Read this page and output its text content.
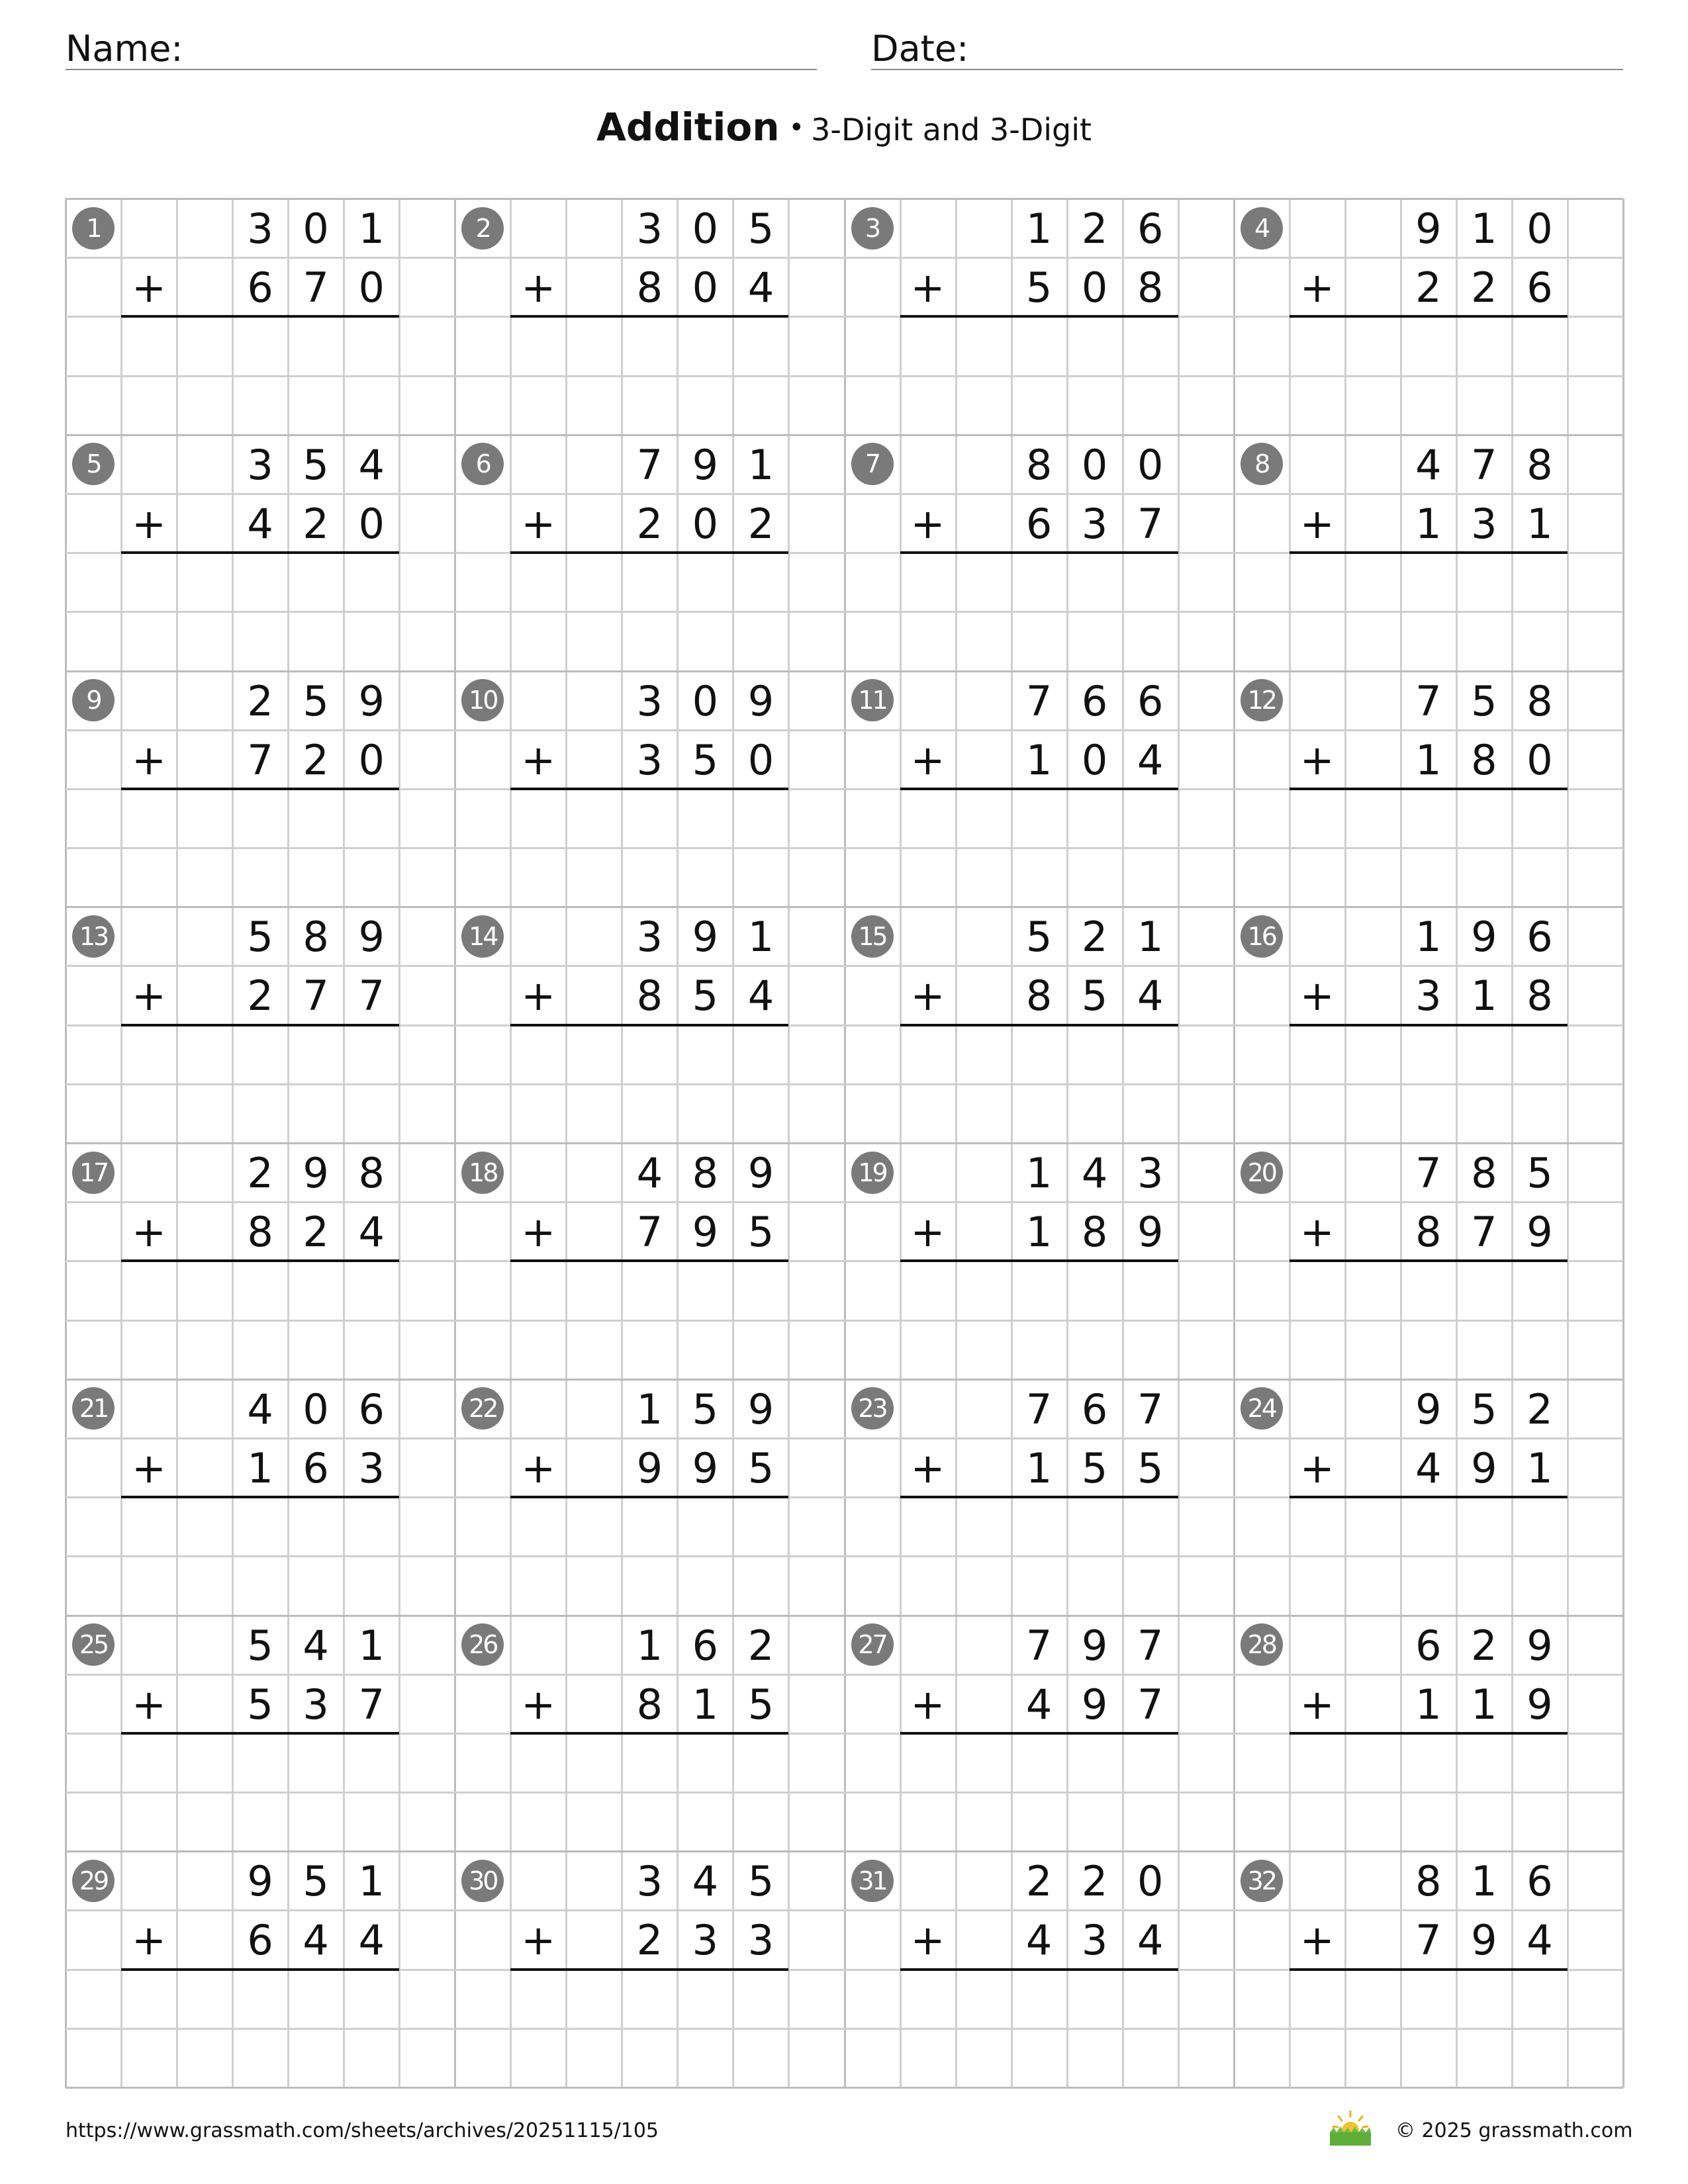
Name:	Date:
Addition • 3-Digit and 3-Digit
1	3 0 1
+	6 7 0
2	3 0 5
+	8 0 4
3	1 2 6
+	5 0 8
4	9 1 0
+	2 2 6
5	3 5 4
+	4 2 0
6	7 9 1
+	2 0 2
7	8 0 0
+	6 3 7
8	4 7 8
+	1 3 1
9	2 5 9
+	7 2 0
10	3 0 9
+	3 5 0
11	7 6 6
+	1 0 4
12	7 5 8
+	1 8 0
13	5 8 9
+	2 7 7
14	3 9 1
+	8 5 4
15	5 2 1
+	8 5 4
16	1 9 6
+	3 1 8
17	2 9 8
+	8 2 4
18	4 8 9
+	7 9 5
19	1 4 3
+	1 8 9
20	7 8 5
+	8 7 9
21	4 0 6
+	1 6 3
22	1 5 9
+	9 9 5
23	7 6 7
+	1 5 5
24	9 5 2
+	4 9 1
25	5 4 1
+	5 3 7
26	1 6 2
+	8 1 5
27	7 9 7
+	4 9 7
28	6 2 9
+	1 1 9
29	9 5 1
+	6 4 4
30	3 4 5
+	2 3 3
31	2 2 0
+	4 3 4
32	8 1 6
+	7 9 4
https://www.grassmath.com/sheets/archives/20251115/105	© 2025 grassmath.com
